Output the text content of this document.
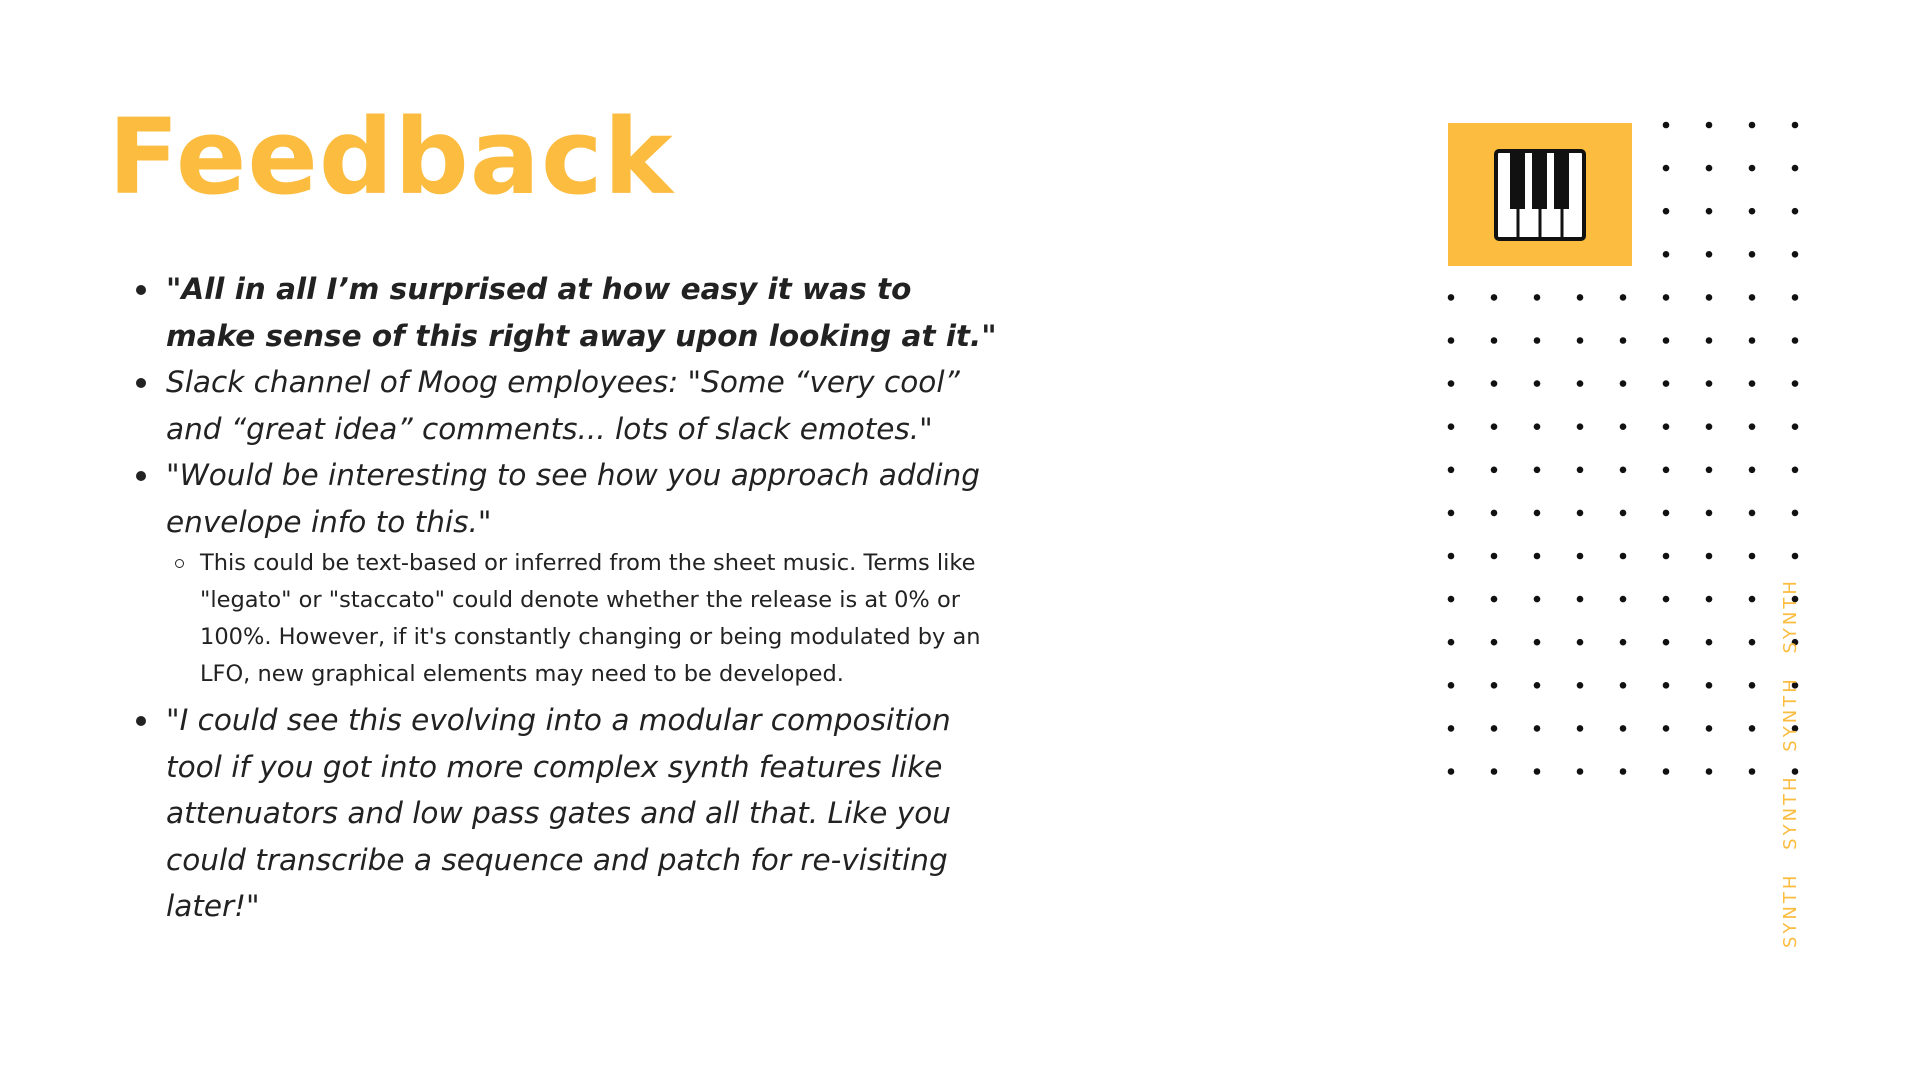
Feedback
"All in all I’m surprised at how easy it was to make sense of this right away upon looking at it."
Slack channel of Moog employees: "Some “very cool” and “great idea” comments... lots of slack emotes."
"Would be interesting to see how you approach adding envelope info to this."
This could be text-based or inferred from the sheet music. Terms like "legato" or "staccato" could denote whether the release is at 0% or 100%. However, if it's constantly changing or being modulated by an LFO, new graphical elements may need to be developed.
"I could see this evolving into a modular composition tool if you got into more complex synth features like attenuators and low pass gates and all that. Like you could transcribe a sequence and patch for re-visiting later!"	SYNTH SYNTH SYNTH SYNTH
